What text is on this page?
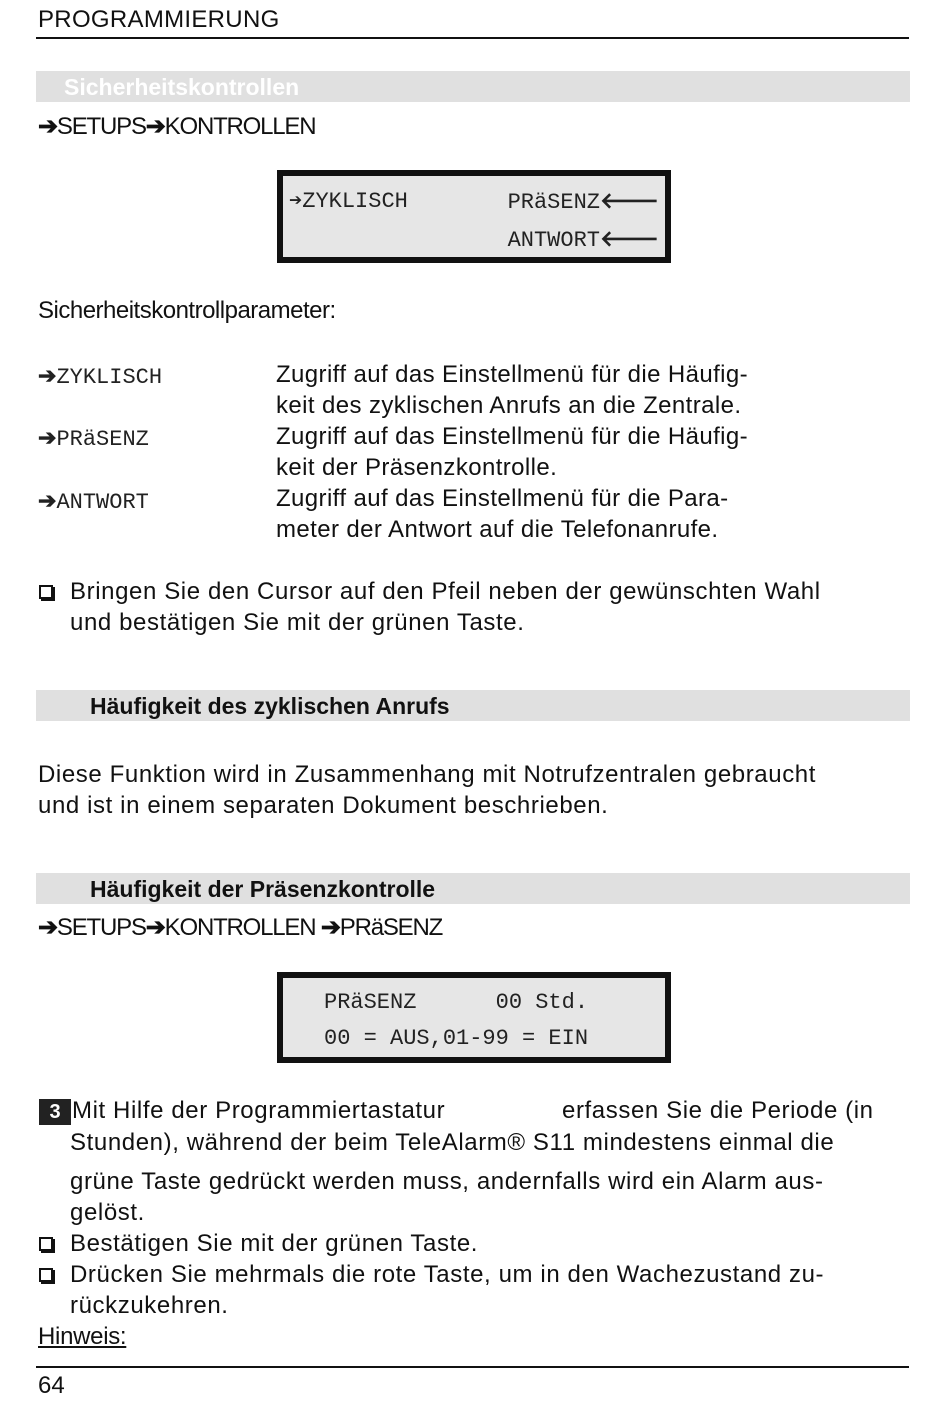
PROGRAMMIERUNG
Sicherheitskontrollen
➔SETUPS➔KONTROLLEN
➔ZYKLISCH	PRäSENZ🡐
ANTWORT🡐
Sicherheitskontrollparameter:
➔ZYKLISCH	Zugriff auf das Einstellmenü für die Häufig-
keit des zyklischen Anrufs an die Zentrale.
➔PRäSENZ	Zugriff auf das Einstellmenü für die Häufig-
keit der Präsenzkontrolle.
➔ANTWORT	Zugriff auf das Einstellmenü für die Para-
meter der Antwort auf die Telefonanrufe.
Bringen Sie den Cursor auf den Pfeil neben der gewünschten Wahl
und bestätigen Sie mit der grünen Taste.
Häufigkeit des zyklischen Anrufs
Diese Funktion wird in Zusammenhang mit Notrufzentralen gebraucht
und ist in einem separaten Dokument beschrieben.
Häufigkeit der Präsenzkontrolle
➔SETUPS➔KONTROLLEN ➔PRäSENZ
PRäSENZ      00 Std.
00 = AUS,01-99 = EIN
3 Mit Hilfe der Programmiertastatur	erfassen Sie die Periode (in
Stunden), während der beim TeleAlarm® S11 mindestens einmal die
grüne Taste gedrückt werden muss, andernfalls wird ein Alarm aus-
gelöst.
Bestätigen Sie mit der grünen Taste.
Drücken Sie mehrmals die rote Taste, um in den Wachezustand zu-
rückzukehren.
Hinweis:
64
